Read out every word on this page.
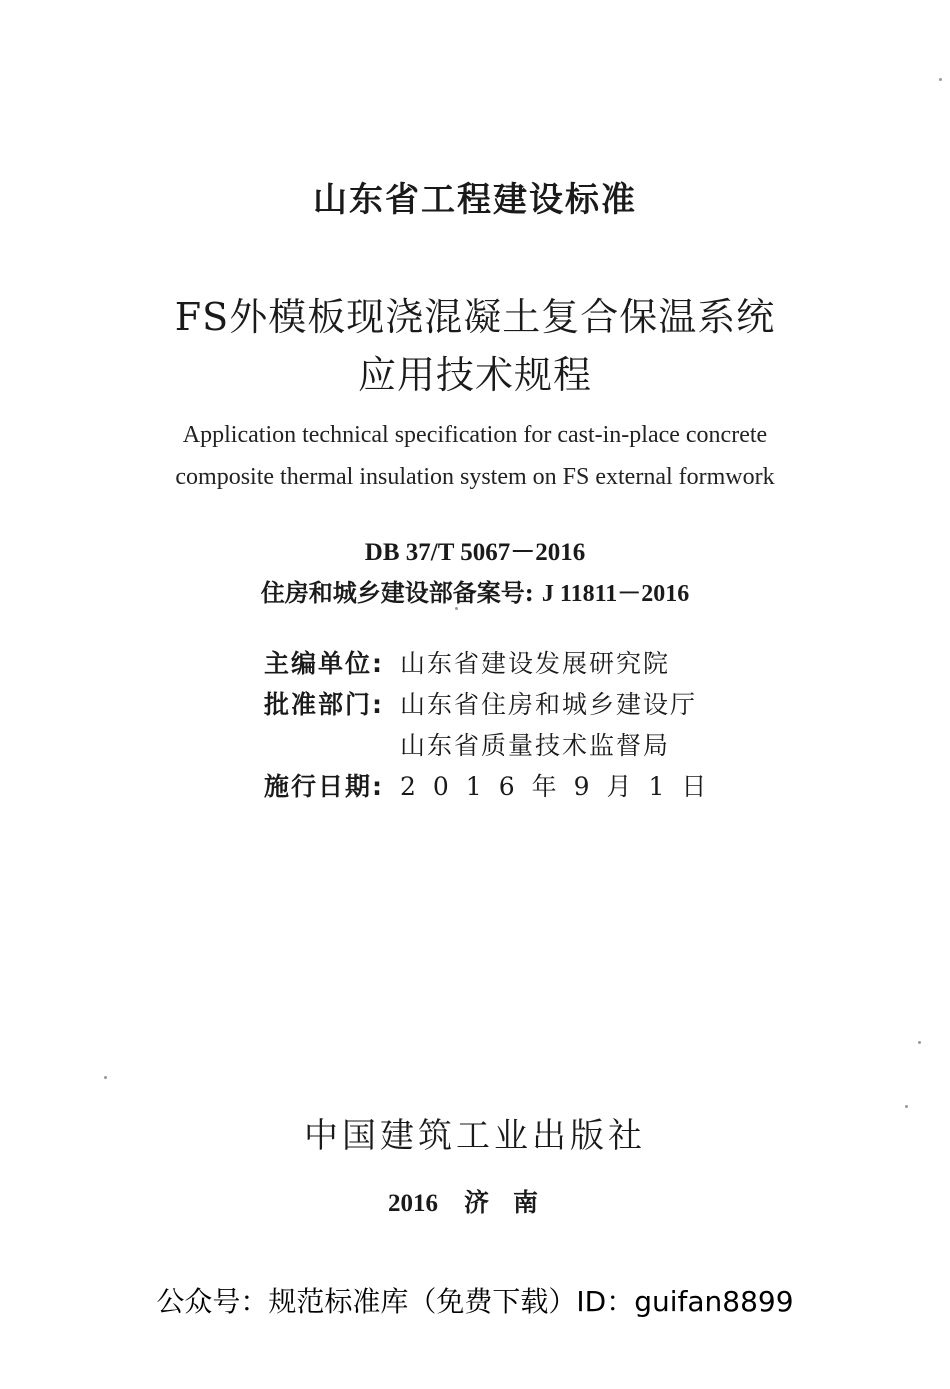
山东省工程建设标准
FS外模板现浇混凝土复合保温系统
应用技术规程
Application technical specification for cast-in-place concrete
composite thermal insulation system on FS external formwork
DB 37/T 5067－2016
住房和城乡建设部备案号: J 11811－2016
主编单位: 山东省建设发展研究院
批准部门: 山东省住房和城乡建设厅
山东省质量技术监督局
施行日期: 2016年9月1日
中国建筑工业出版社
2016 济南
公众号：规范标准库（免费下载）ID：guifan8899
